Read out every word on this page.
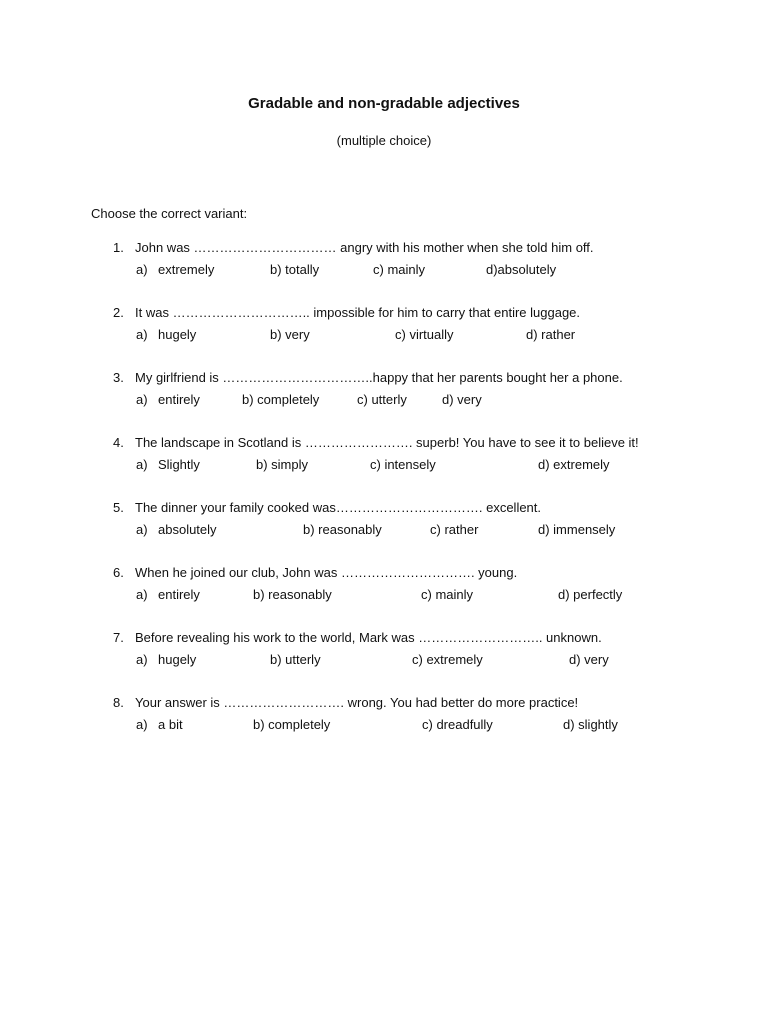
Gradable and non-gradable adjectives
(multiple choice)
Choose the correct variant:
1. John was …………………………… angry with his mother when she told him off.
a) extremely	b) totally	c) mainly	d)absolutely
2. It was ………………………….. impossible for him to carry that entire luggage.
a) hugely	b) very	c) virtually	d) rather
3. My girlfriend is ……………………………..happy that her parents bought her a phone.
a) entirely	b) completely	c) utterly	d) very
4. The landscape in Scotland is ……………………. superb! You have to see it to believe it!
a) Slightly	b) simply	c) intensely	d) extremely
5. The dinner your family cooked was……………………………. excellent.
a) absolutely	b) reasonably	c) rather	d) immensely
6. When he joined our club, John was …………………………. young.
a) entirely	b) reasonably	c) mainly	d) perfectly
7. Before revealing his work to the world, Mark was ……………………….. unknown.
a) hugely	b) utterly	c) extremely	d) very
8. Your answer is ………………………. wrong. You had better do more practice!
a) a bit	b) completely	c) dreadfully	d) slightly
